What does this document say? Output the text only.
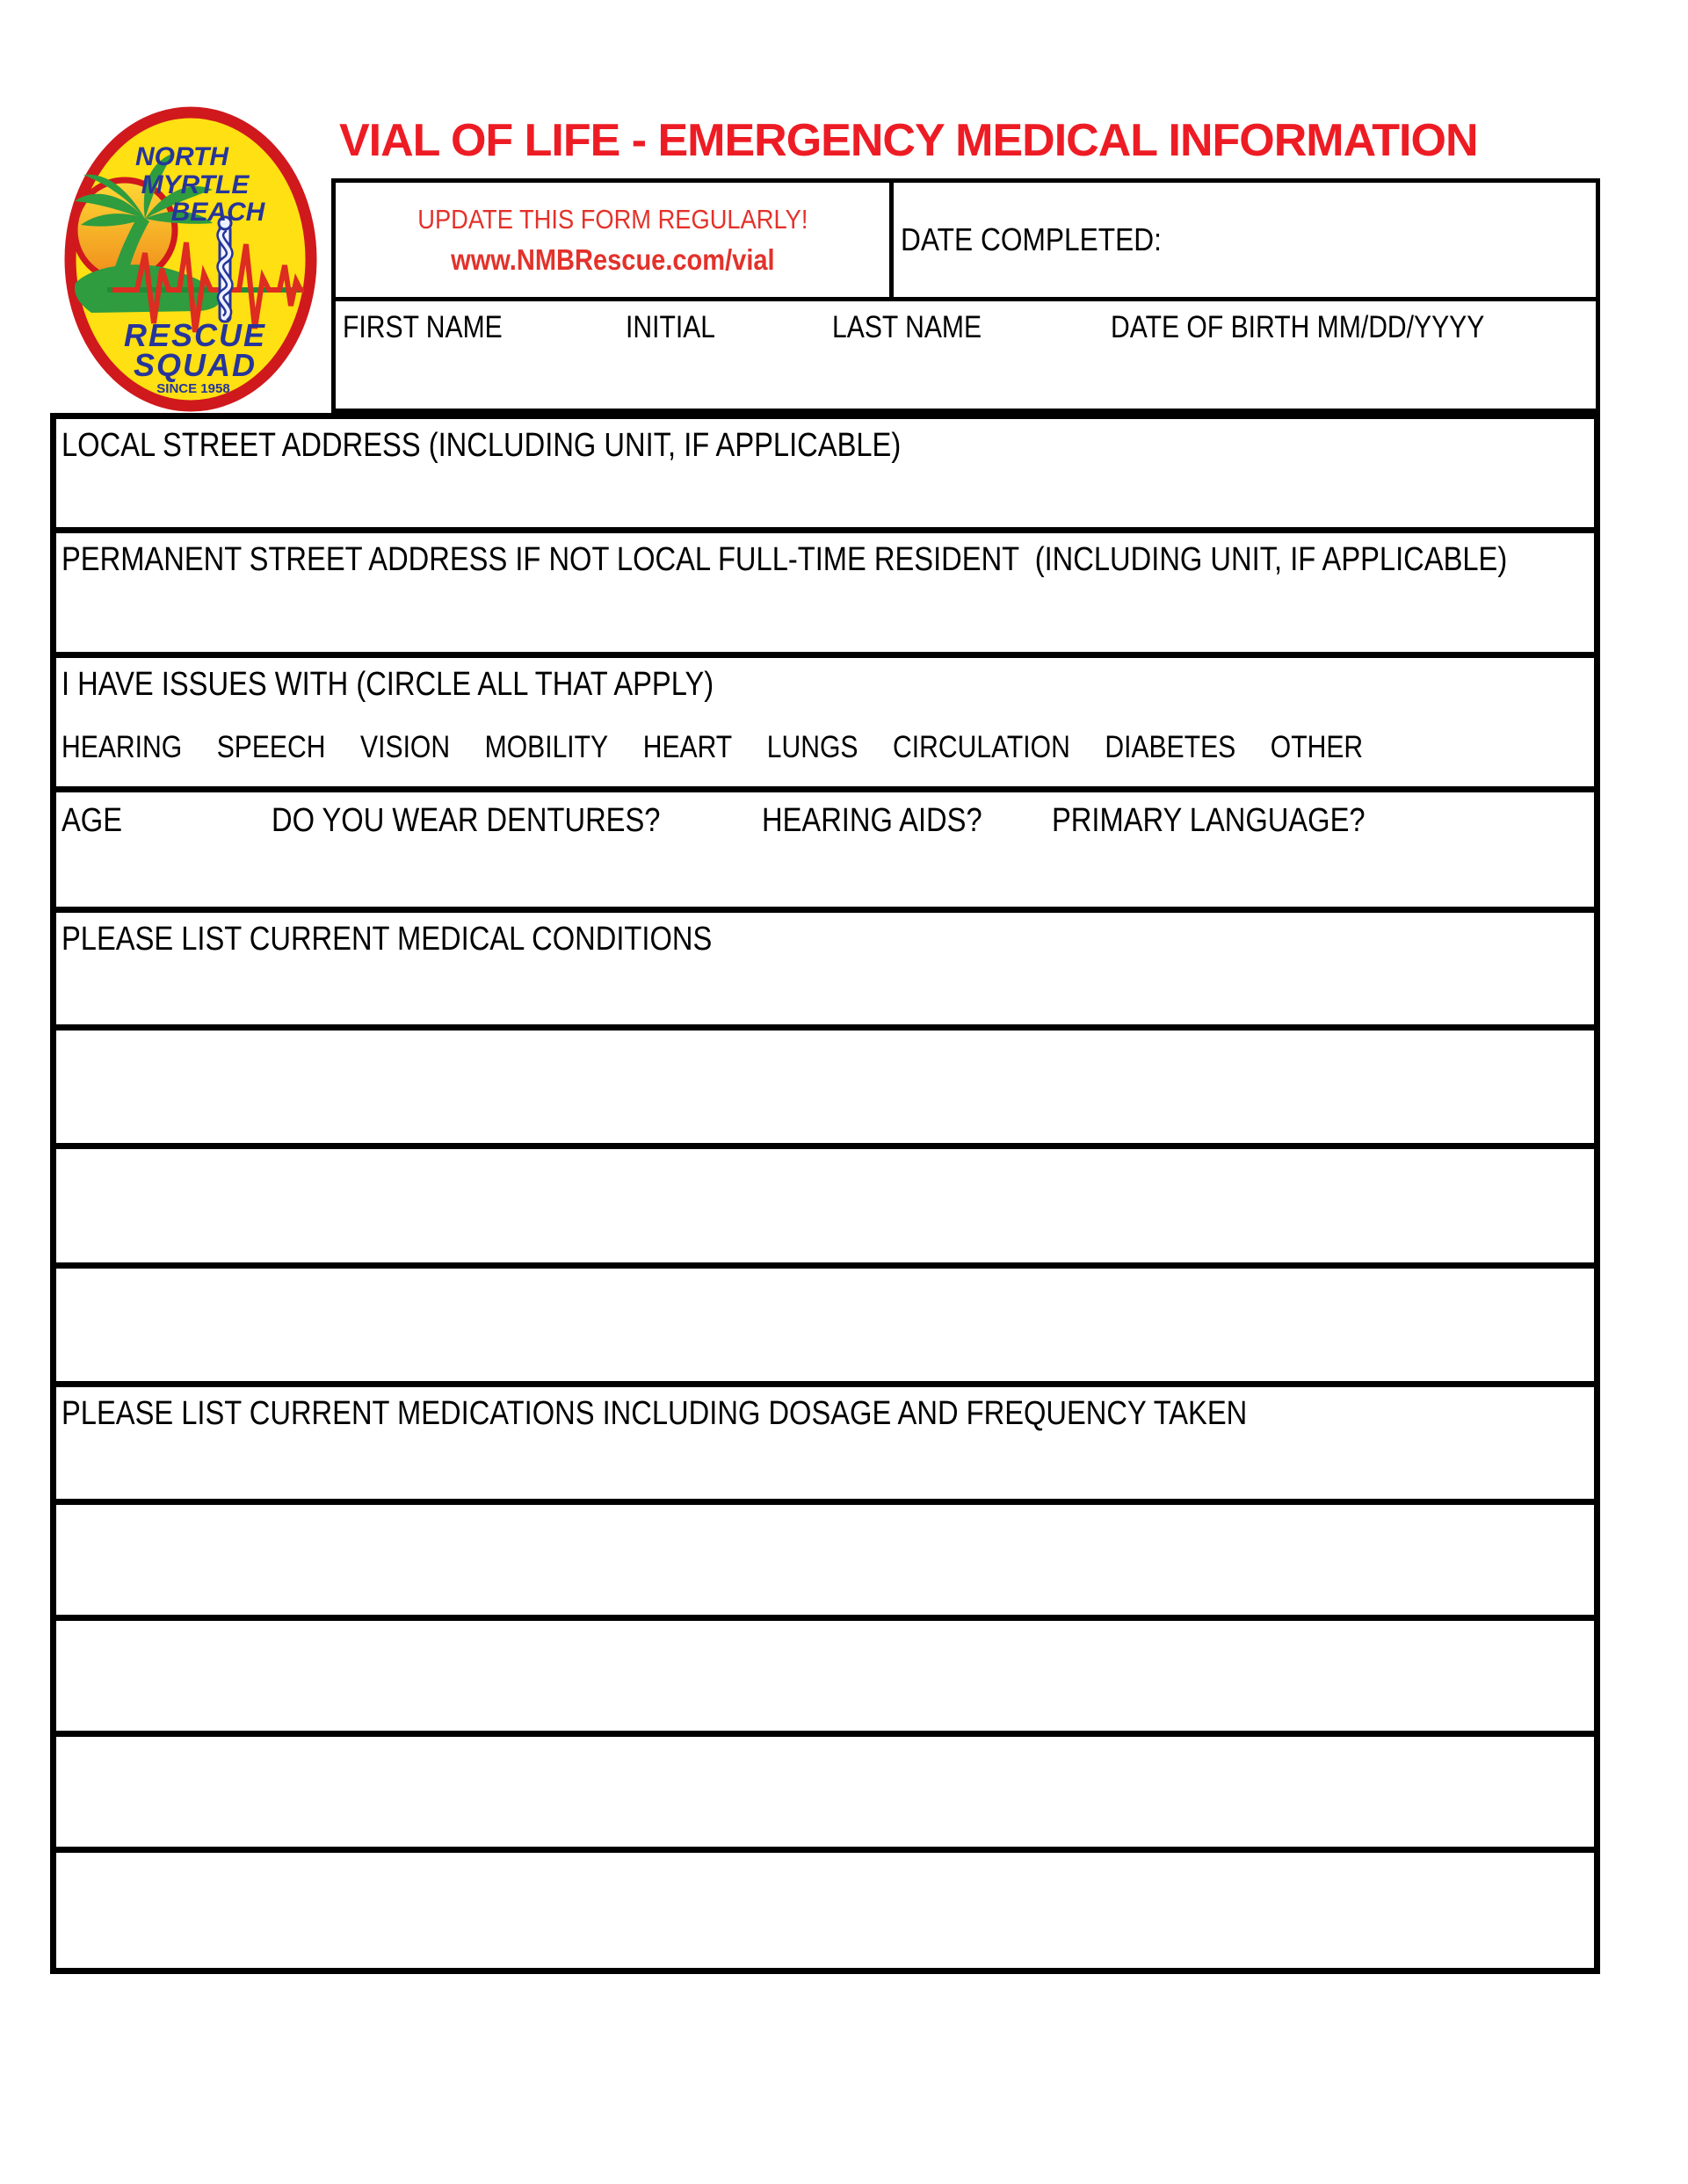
NORTH
MYRTLE
BEACH
RESCUE
SQUAD
SINCE 1958
VIAL OF LIFE - EMERGENCY MEDICAL INFORMATION
UPDATE THIS FORM REGULARLY!
www.NMBRescue.com/vial
DATE COMPLETED:
FIRST NAME	INITIAL	LAST NAME	DATE OF BIRTH MM/DD/YYYY
LOCAL STREET ADDRESS (INCLUDING UNIT, IF APPLICABLE)
PERMANENT STREET ADDRESS IF NOT LOCAL FULL-TIME RESIDENT  (INCLUDING UNIT, IF APPLICABLE)
I HAVE ISSUES WITH (CIRCLE ALL THAT APPLY)
HEARING SPEECH VISION MOBILITY HEART LUNGS CIRCULATION DIABETES OTHER
AGE	DO YOU WEAR DENTURES?	HEARING AIDS? PRIMARY LANGUAGE?
PLEASE LIST CURRENT MEDICAL CONDITIONS
PLEASE LIST CURRENT MEDICATIONS INCLUDING DOSAGE AND FREQUENCY TAKEN
